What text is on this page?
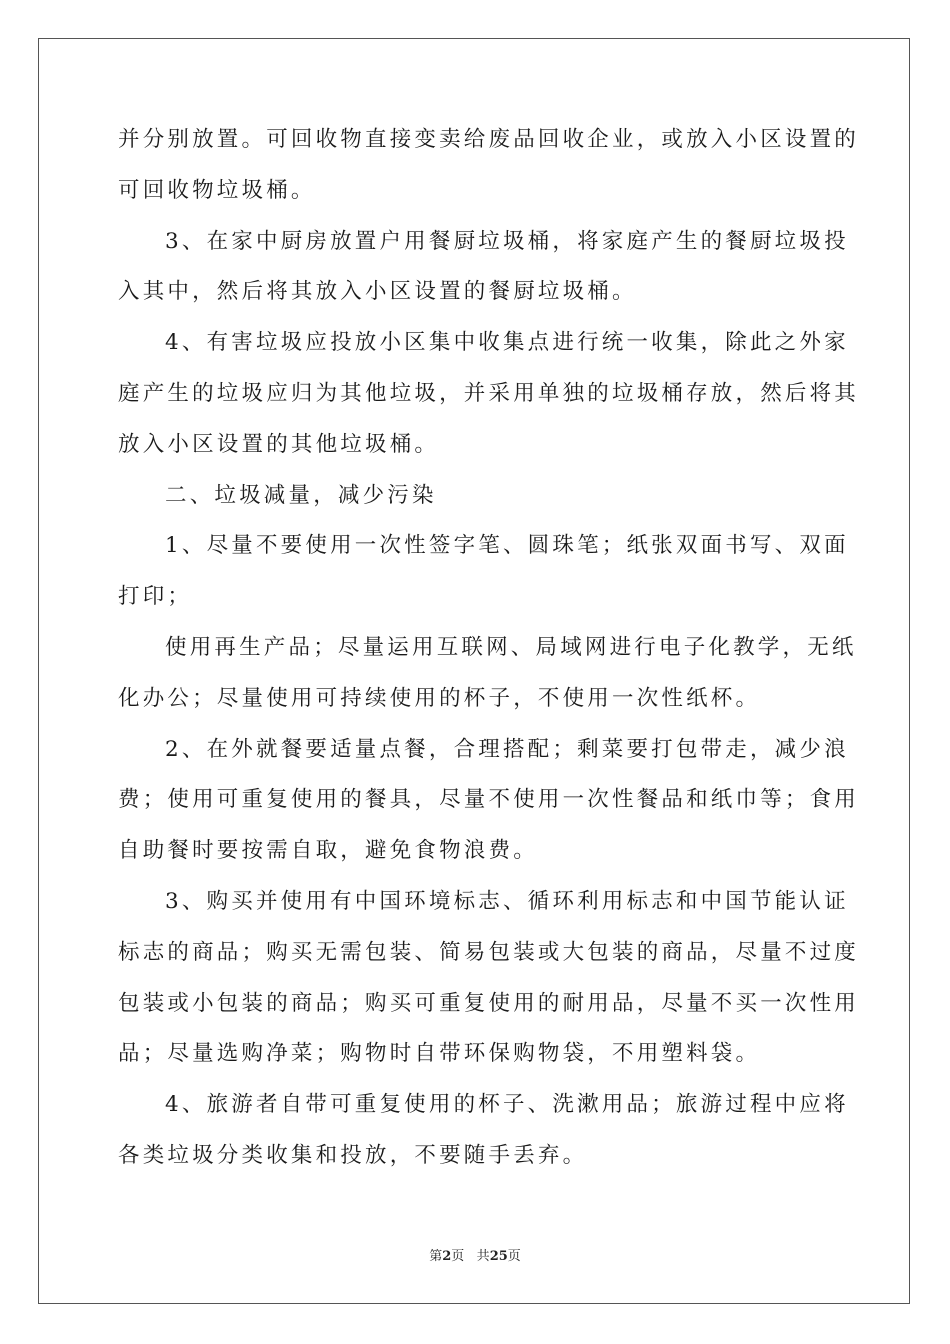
并分别放置。可回收物直接变卖给废品回收企业，或放入小区设置的
可回收物垃圾桶。
3、在家中厨房放置户用餐厨垃圾桶，将家庭产生的餐厨垃圾投
入其中，然后将其放入小区设置的餐厨垃圾桶。
4、有害垃圾应投放小区集中收集点进行统一收集，除此之外家
庭产生的垃圾应归为其他垃圾，并采用单独的垃圾桶存放，然后将其
放入小区设置的其他垃圾桶。
二、垃圾减量，减少污染
1、尽量不要使用一次性签字笔、圆珠笔；纸张双面书写、双面
打印；
使用再生产品；尽量运用互联网、局域网进行电子化教学，无纸
化办公；尽量使用可持续使用的杯子，不使用一次性纸杯。
2、在外就餐要适量点餐，合理搭配；剩菜要打包带走，减少浪
费；使用可重复使用的餐具，尽量不使用一次性餐品和纸巾等；食用
自助餐时要按需自取，避免食物浪费。
3、购买并使用有中国环境标志、循环利用标志和中国节能认证
标志的商品；购买无需包装、简易包装或大包装的商品，尽量不过度
包装或小包装的商品；购买可重复使用的耐用品，尽量不买一次性用
品；尽量选购净菜；购物时自带环保购物袋，不用塑料袋。
4、旅游者自带可重复使用的杯子、洗漱用品；旅游过程中应将
各类垃圾分类收集和投放，不要随手丢弃。
第2页 共25页
